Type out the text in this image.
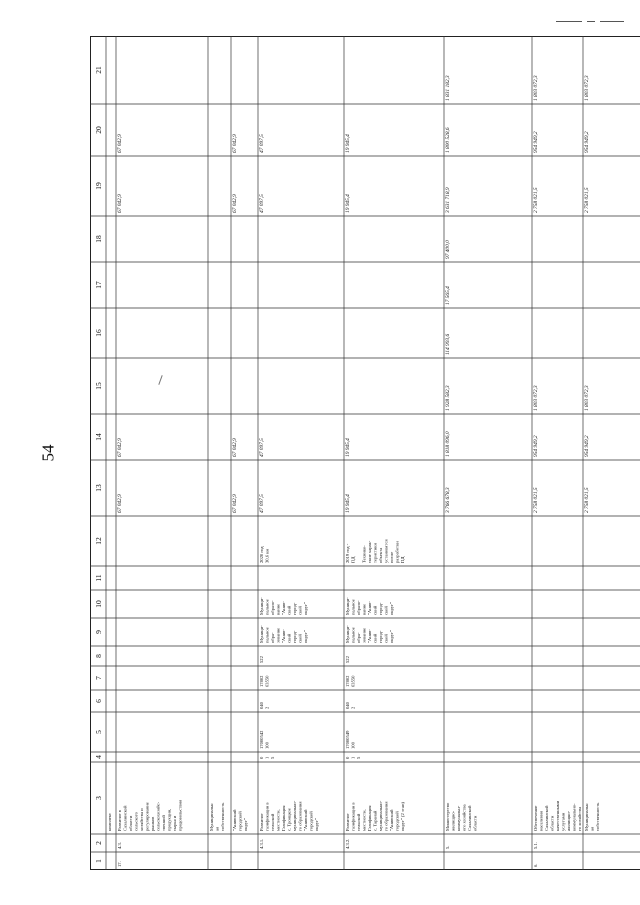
54
1
2
3
4
5
6
7
8
9
10
11
12
13
14
15
16
17
18
19
20
21
комплекс
17.
4.3.
Развитие в Сахалинской области сельского хозяйства и регулирование рынков сельскохозяйс- твенной продукции, сырья и продовольствия
67 042,9
67 042,9
67 042,9
67 042,9
Муниципальн ая собственность "Анивский городской округ"
67 042,9
67 042,9
67 042,9
67 042,9
4.3.1.
Развитие газификации в сельской местности, Газификация с. Троицкое муниципально- го образования "Анивский городской округ"
0 1 5
17000542 100
040 2
17802 63550
522
Муници- пальное обра- зование "Анив- ский город- ской округ"
Муници- пальное образо- вание "Анив- ский город- ской округ"
2020 год 30,6 км
47 097,5
47 097,5
47 097,5
47 097,5
4.3.2.
Развитие газификации в сельской местности, Газификация с. Таранай муниципально- го образования "Анивский городской округ" (2 этап)
0 1 5
17000549 100
040 2
17802 63550
522
Муници- пальное обра- зование "Анив- ский город- ской округ"
Муници- пальное образо- вание "Анив- ский город- ской округ"
2019 год - ПД Технико- ские харак- теристики объекта установятся после разработки ПД
19 945,4
19 945,4
19 945,4
19 945,4
5.
Министерство жилищно- коммунальн- ого хозяйства Сахалинской области
3 766 678,3
1 818 096,0
1 928 582,3
114 993,6
17 565,4
97 400,0
3 631 718,9
1 800 528,6
1 831 182,3
6.
5.1.
Обеспечение населения Сахалинской области качественными услугами жилищно- коммунально- го хозяйства
2 758 021,5
954 949,2
1 803 072,3
2 758 021,5
954 949,2
1 803 072,3
Муниципальн ая собственность
2 758 021,5
954 949,2
1 803 072,3
2 758 021,5
954 949,2
1 803 072,3
